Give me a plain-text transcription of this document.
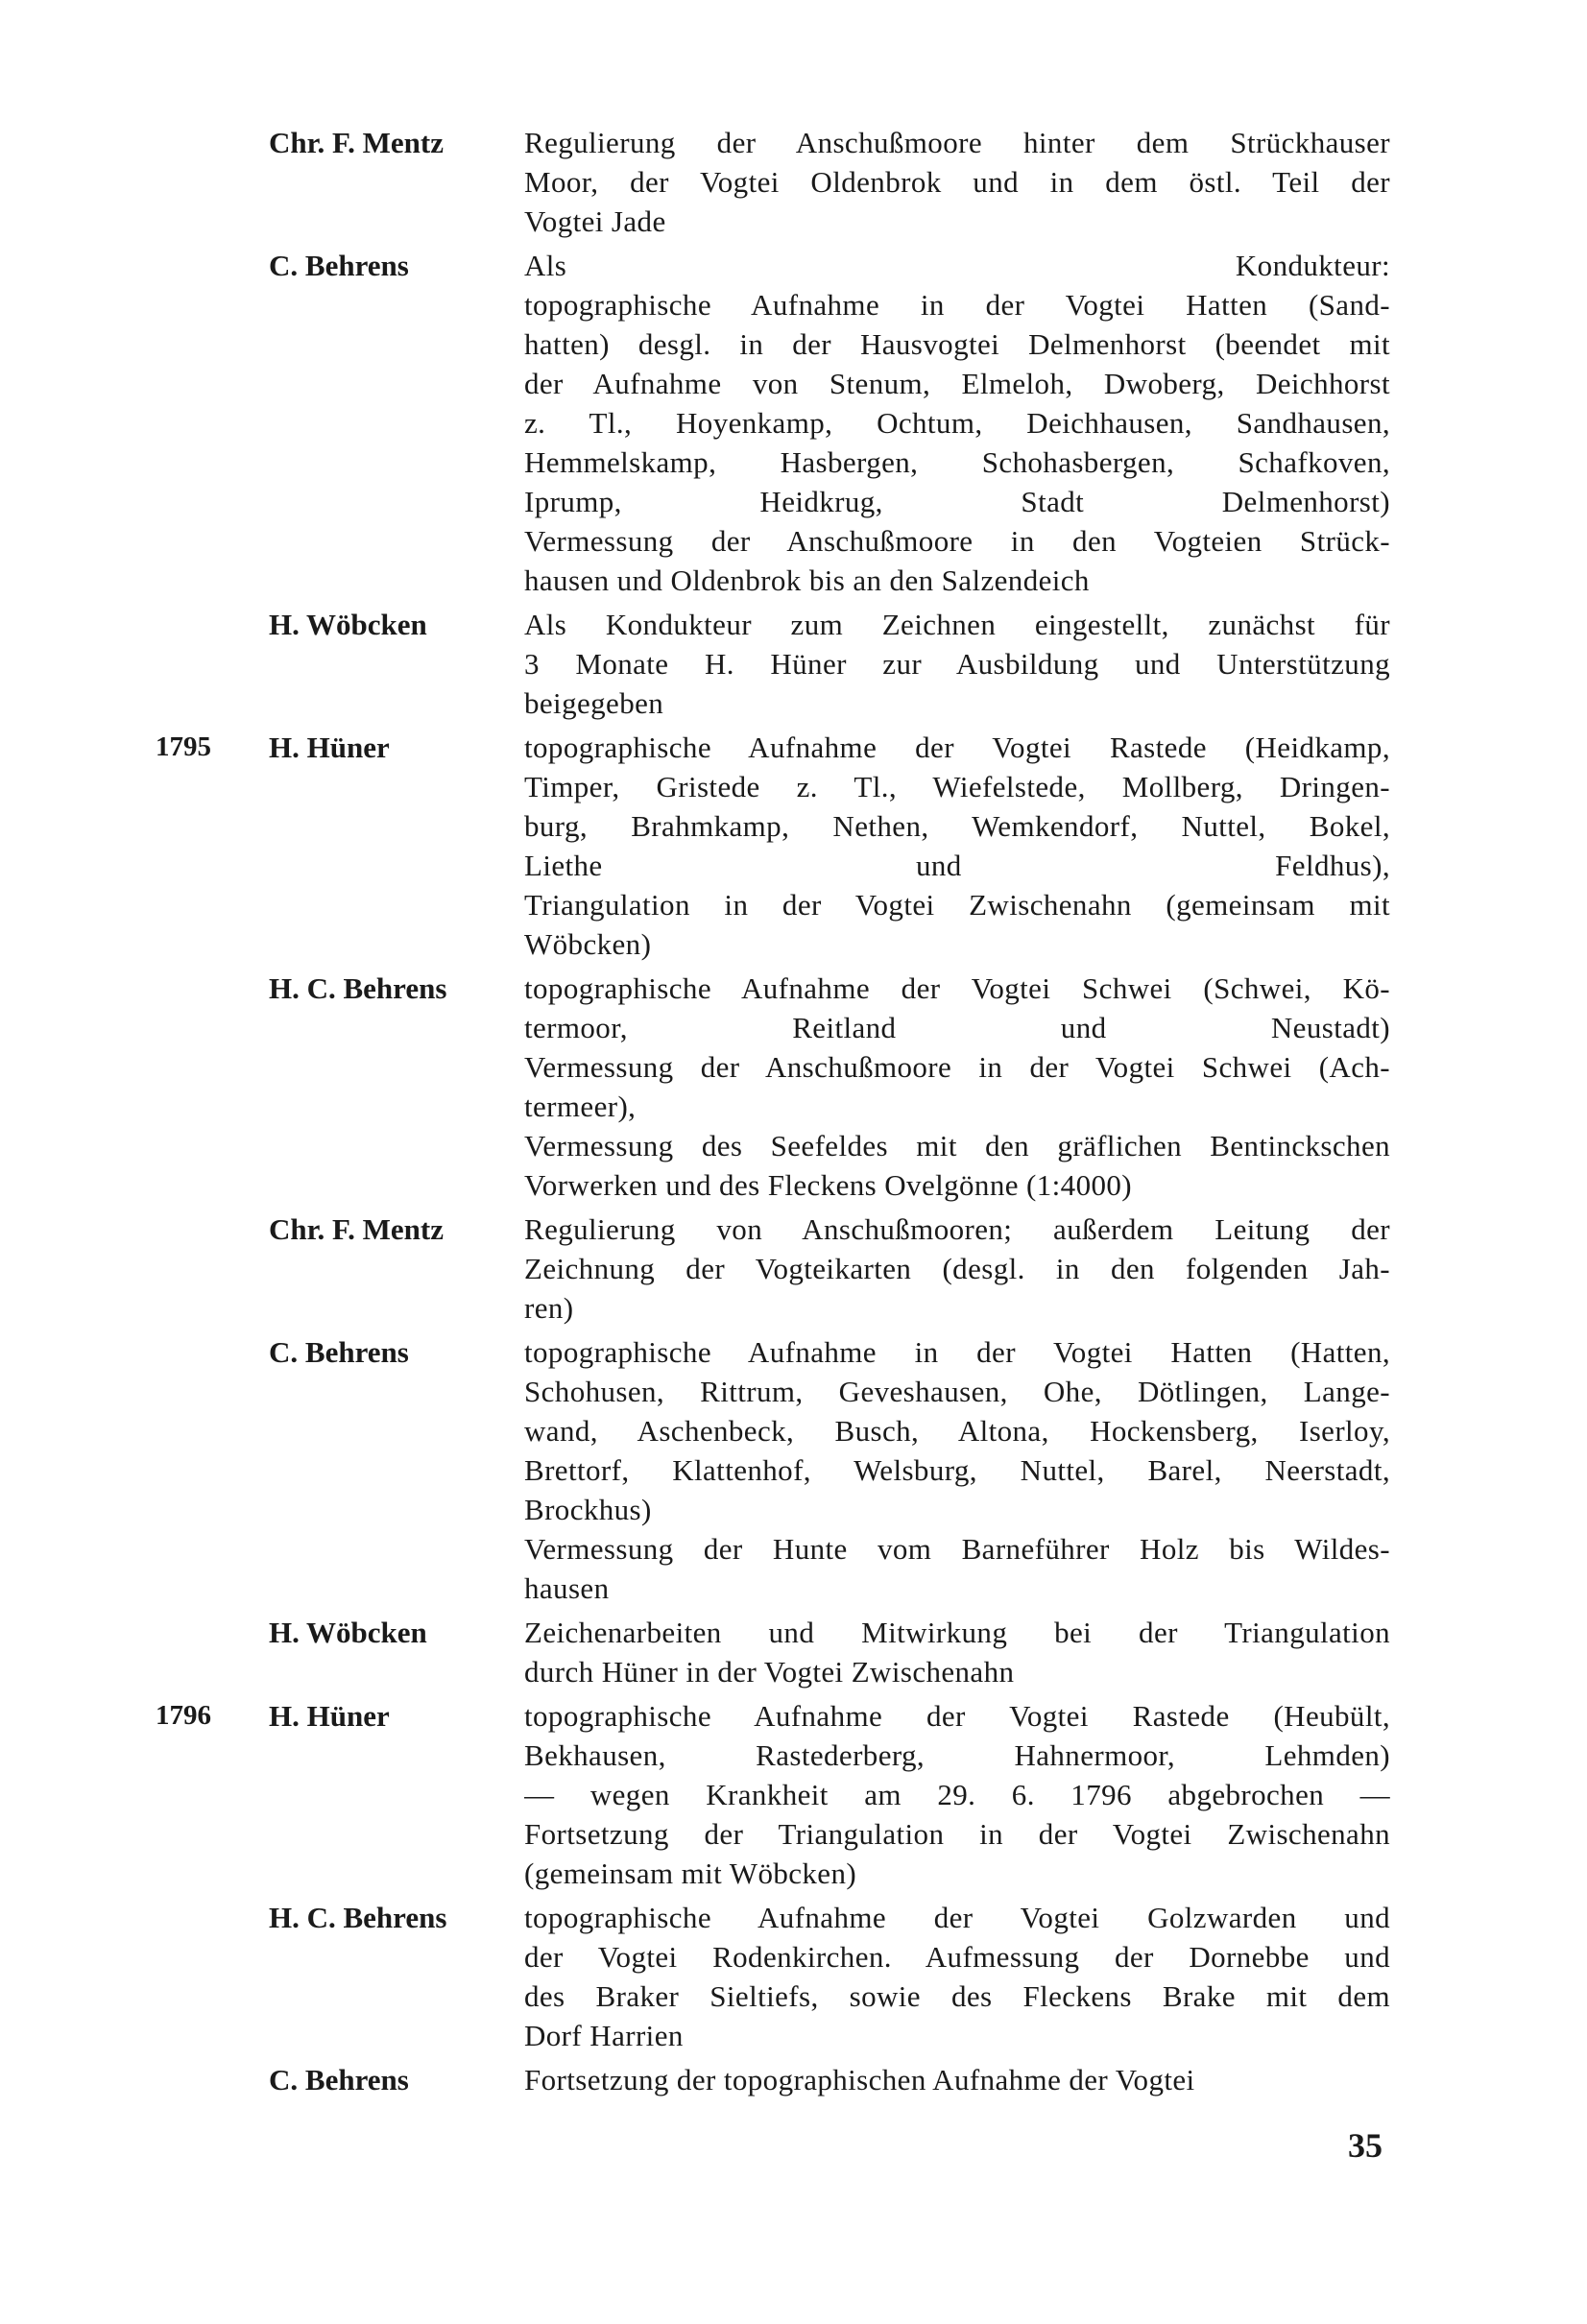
Chr. F. Mentz	Regulierung der Anschußmoore hinter dem Strückhauser
Moor, der Vogtei Oldenbrok und in dem östl. Teil der
Vogtei Jade
C. Behrens	Als Kondukteur:
topographische Aufnahme in der Vogtei Hatten (Sand-
hatten) desgl. in der Hausvogtei Delmenhorst (beendet mit
der Aufnahme von Stenum, Elmeloh, Dwoberg, Deichhorst
z. Tl., Hoyenkamp, Ochtum, Deichhausen, Sandhausen,
Hemmelskamp, Hasbergen, Schohasbergen, Schafkoven,
Iprump, Heidkrug, Stadt Delmenhorst)
Vermessung der Anschußmoore in den Vogteien Strück-
hausen und Oldenbrok bis an den Salzendeich
H. Wöbcken	Als Kondukteur zum Zeichnen eingestellt, zunächst für
3 Monate H. Hüner zur Ausbildung und Unterstützung
beigegeben
1795 H. Hüner	topographische Aufnahme der Vogtei Rastede (Heidkamp,
Timper, Gristede z. Tl., Wiefelstede, Mollberg, Dringen-
burg, Brahmkamp, Nethen, Wemkendorf, Nuttel, Bokel,
Liethe und Feldhus),
Triangulation in der Vogtei Zwischenahn (gemeinsam mit
Wöbcken)
H. C. Behrens	topographische Aufnahme der Vogtei Schwei (Schwei, Kö-
termoor, Reitland und Neustadt)
Vermessung der Anschußmoore in der Vogtei Schwei (Ach-
termeer),
Vermessung des Seefeldes mit den gräflichen Bentinckschen
Vorwerken und des Fleckens Ovelgönne (1:4000)
Chr. F. Mentz	Regulierung von Anschußmooren; außerdem Leitung der
Zeichnung der Vogteikarten (desgl. in den folgenden Jah-
ren)
C. Behrens	topographische Aufnahme in der Vogtei Hatten (Hatten,
Schohusen, Rittrum, Geveshausen, Ohe, Dötlingen, Lange-
wand, Aschenbeck, Busch, Altona, Hockensberg, Iserloy,
Brettorf, Klattenhof, Welsburg, Nuttel, Barel, Neerstadt,
Brockhus)
Vermessung der Hunte vom Barneführer Holz bis Wildes-
hausen
H. Wöbcken	Zeichenarbeiten und Mitwirkung bei der Triangulation
durch Hüner in der Vogtei Zwischenahn
1796 H. Hüner	topographische Aufnahme der Vogtei Rastede (Heubült,
Bekhausen, Rastederberg, Hahnermoor, Lehmden)
— wegen Krankheit am 29. 6. 1796 abgebrochen —
Fortsetzung der Triangulation in der Vogtei Zwischenahn
(gemeinsam mit Wöbcken)
H. C. Behrens	topographische Aufnahme der Vogtei Golzwarden und
der Vogtei Rodenkirchen. Aufmessung der Dornebbe und
des Braker Sieltiefs, sowie des Fleckens Brake mit dem
Dorf Harrien
C. Behrens	Fortsetzung der topographischen Aufnahme der Vogtei
35
